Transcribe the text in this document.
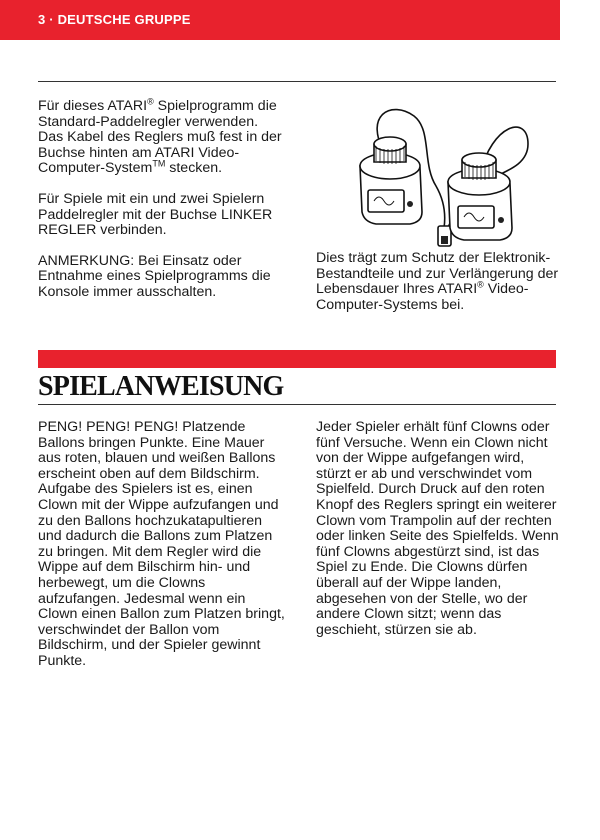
3 · DEUTSCHE GRUPPE

Für dieses ATARI® Spielprogramm die Standard-Paddelregler verwenden. Das Kabel des Reglers muß fest in der Buchse hinten am ATARI Video-Computer-System™ stecken.

Für Spiele mit ein und zwei Spielern Paddelregler mit der Buchse LINKER REGLER verbinden.

ANMERKUNG: Bei Einsatz oder Entnahme eines Spielprogramms die Konsole immer ausschalten.

Dies trägt zum Schutz der Elektronik-Bestandteile und zur Verlängerung der Lebensdauer Ihres ATARI® Video-Computer-Systems bei.

SPIELANWEISUNG

PENG! PENG! PENG! Platzende Ballons bringen Punkte. Eine Mauer aus roten, blauen und weißen Ballons erscheint oben auf dem Bildschirm. Aufgabe des Spielers ist es, einen Clown mit der Wippe aufzufangen und zu den Ballons hochzukatapultieren und dadurch die Ballons zum Platzen zu bringen. Mit dem Regler wird die Wippe auf dem Bilschirm hin- und herbewegt, um die Clowns aufzufangen. Jedesmal wenn ein Clown einen Ballon zum Platzen bringt, verschwindet der Ballon vom Bildschirm, und der Spieler gewinnt Punkte.

Jeder Spieler erhält fünf Clowns oder fünf Versuche. Wenn ein Clown nicht von der Wippe aufgefangen wird, stürzt er ab und verschwindet vom Spielfeld. Durch Druck auf den roten Knopf des Reglers springt ein weiterer Clown vom Trampolin auf der rechten oder linken Seite des Spielfelds. Wenn fünf Clowns abgestürzt sind, ist das Spiel zu Ende. Die Clowns dürfen überall auf der Wippe landen, abgesehen von der Stelle, wo der andere Clown sitzt; wenn das geschieht, stürzen sie ab.
